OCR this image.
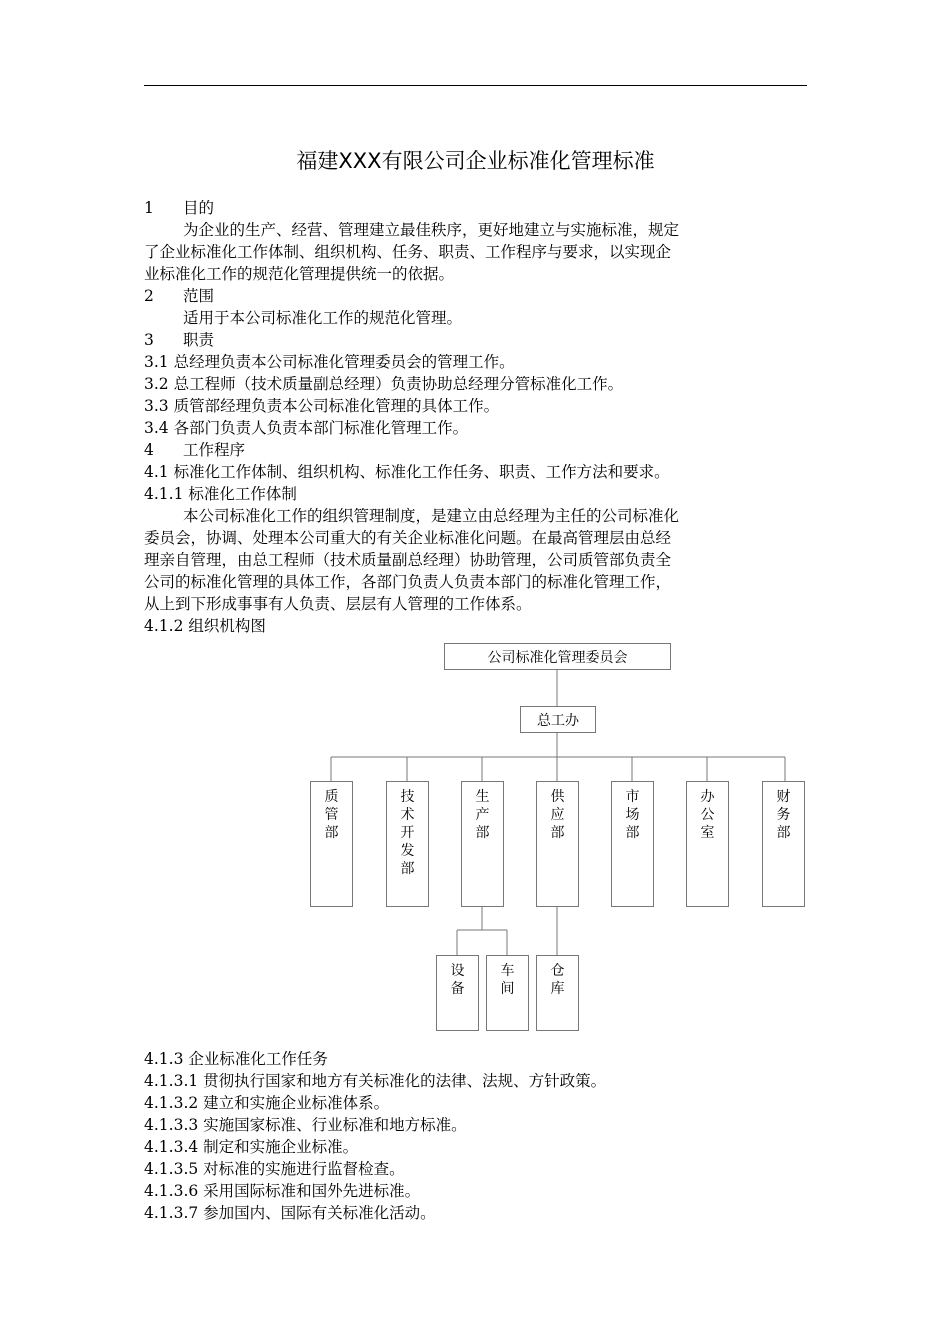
福建XXX有限公司企业标准化管理标准
1 目的
为企业的生产、经营、管理建立最佳秩序，更好地建立与实施标准，规定
了企业标准化工作体制、组织机构、任务、职责、工作程序与要求，以实现企
业标准化工作的规范化管理提供统一的依据。
2 范围
适用于本公司标准化工作的规范化管理。
3 职责
3.1 总经理负责本公司标准化管理委员会的管理工作。
3.2 总工程师（技术质量副总经理）负责协助总经理分管标准化工作。
3.3 质管部经理负责本公司标准化管理的具体工作。
3.4 各部门负责人负责本部门标准化管理工作。
4 工作程序
4.1 标准化工作体制、组织机构、标准化工作任务、职责、工作方法和要求。
4.1.1 标准化工作体制
本公司标准化工作的组织管理制度，是建立由总经理为主任的公司标准化
委员会，协调、处理本公司重大的有关企业标准化问题。在最高管理层由总经
理亲自管理，由总工程师（技术质量副总经理）协助管理，公司质管部负责全
公司的标准化管理的具体工作，各部门负责人负责本部门的标准化管理工作，
从上到下形成事事有人负责、层层有人管理的工作体系。
4.1.2 组织机构图
公司标准化管理委员会
总工办
质
管
部
技
术
开
发
部
生
产
部
供
应
部
市
场
部
办
公
室
财
务
部
设
备
车
间
仓
库
4.1.3 企业标准化工作任务
4.1.3.1 贯彻执行国家和地方有关标准化的法律、法规、方针政策。
4.1.3.2 建立和实施企业标准体系。
4.1.3.3 实施国家标准、行业标准和地方标准。
4.1.3.4 制定和实施企业标准。
4.1.3.5 对标准的实施进行监督检查。
4.1.3.6 采用国际标准和国外先进标准。
4.1.3.7 参加国内、国际有关标准化活动。
